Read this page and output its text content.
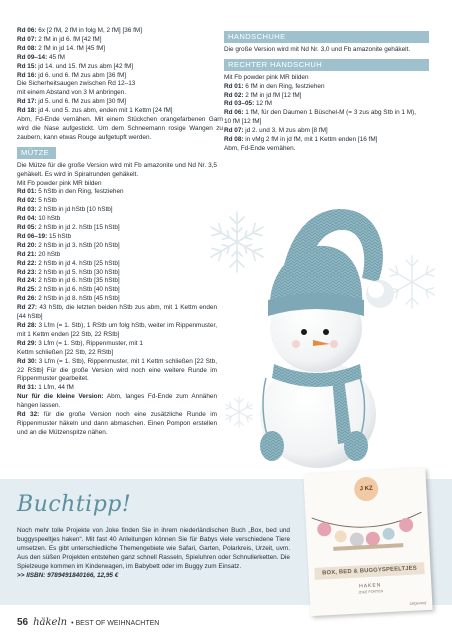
Rd 06: 6x [2 fM, 2 fM in folg M, 2 fM] [36 fM]
Rd 07: 2 fM in jd 6. fM [42 fM]
Rd 08: 2 fM in jd 14. fM [45 fM]
Rd 09–14: 45 fM
Rd 15: jd 14. und 15. fM zus abm [42 fM]
Rd 16: jd 6. und 6. fM zus abm [36 fM]
Die Sicherheitsaugen zwischen Rd 12–13
mit einem Abstand von 3 M anbringen.
Rd 17: jd 5. und 6. fM zus abm [30 fM]
Rd 18: jd 4. und 5. zus abm, enden mit 1 Kettm [24 fM]
Abm, Fd-Ende vernähen. Mit einem Stückchen orangefarbenen Garn wird die Nase aufgestickt. Um dem Schneemann rosige Wangen zu zaubern, kann etwas Rouge aufgetupft werden.
MÜTZE
Die Mütze für die große Version wird mit Fb amazonite und Nd Nr. 3,5 gehäkelt. Es wird in Spiralrunden gehäkelt.
Mit Fb powder pink MR bilden
Rd 01: 5 hStb in den Ring, festziehen
Rd 02: 5 hStb
Rd 03: 2 hStb in jd hStb [10 hStb]
Rd 04: 10 hStb
Rd 05: 2 hStb in jd 2. hStb [15 hStb]
Rd 06–19: 15 hStb
Rd 20: 2 hStb in jd 3. hStb [20 hStb]
Rd 21: 20 hStb
Rd 22: 2 hStb in jd 4. hStb [25 hStb]
Rd 23: 2 hStb in jd 5. hStb [30 hStb]
Rd 24: 2 hStb in jd 6. hStb [35 hStb]
Rd 25: 2 hStb in jd 6. hStb [40 hStb]
Rd 26: 2 hStb in jd 8. hStb [45 hStb]
Rd 27: 43 hStb, die letzten beiden hStb zus abm, mit 1 Kettm enden [44 hStb]
Rd 28: 3 Lfm (= 1. Stb), 1 RStb um folg hStb, weiter im Rippenmuster, mit 1 Kettm enden [22 Stb, 22 RStb]
Rd 29: 3 Lfm (= 1. Stb), Rippenmuster, mit 1
Kettm schließen [22 Stb, 22 RStb]
Rd 30: 3 Lfm (= 1. Stb), Rippenmuster, mit 1 Kettm schließen [22 Stb, 22 RStb] Für die große Version wird noch eine weitere Runde im Rippenmuster gearbeitet.
Rd 31: 1 Lfm, 44 fM
Nur für die kleine Version: Abm, langes Fd-Ende zum Annähen hängen lassen.
Rd 32: für die große Version noch eine zusätzliche Runde im Rippenmuster häkeln und dann abmaschen. Einen Pompon erstellen und an die Mützenspitze nähen.
HANDSCHUHE
Die große Version wird mit Nd Nr. 3,0 und Fb amazonite gehäkelt.
RECHTER HANDSCHUH
Mit Fb powder pink MR bilden
Rd 01: 6 fM in den Ring, festziehen
Rd 02: 2 fM in jd fM [12 fM]
Rd 03–05: 12 fM
Rd 06: 1 fM, für den Daumen 1 Büschel-M (= 3 zus abg Stb in 1 M),
10 fM [12 fM]
Rd 07: jd 2. und 3. M zus abm [8 fM]
Rd 08: in vMg 2 fM in jd fM, mit 1 Kettm enden [16 fM]
Abm, Fd-Ende vernähen.
Buchtipp!
Noch mehr tolle Projekte von Joke finden Sie in ihrem niederländischen Buch „Box, bed und buggyspeeltjes haken“. Mit fast 40 Anleitungen können Sie für Babys viele verschiedene Tiere umsetzen. Es gibt unterschiedliche Themengebiete wie Safari, Garten, Polarkreis, Urzeit, uvm. Aus den süßen Projekten entstehen ganz schnell Rasseln, Spieluhren oder Schnullerketten. Die Spielzeuge kommen im Kinderwagen, im Babybett oder im Buggy zum Einsatz.
>> IISBN: 9789491840166, 12,95 €
J KZ
BOX, BED & BUGGYSPEELTJES
HAKEN
JOKE FORTEN
Uitgeverij
56 häkeln • BEST OF WEIHNACHTEN
